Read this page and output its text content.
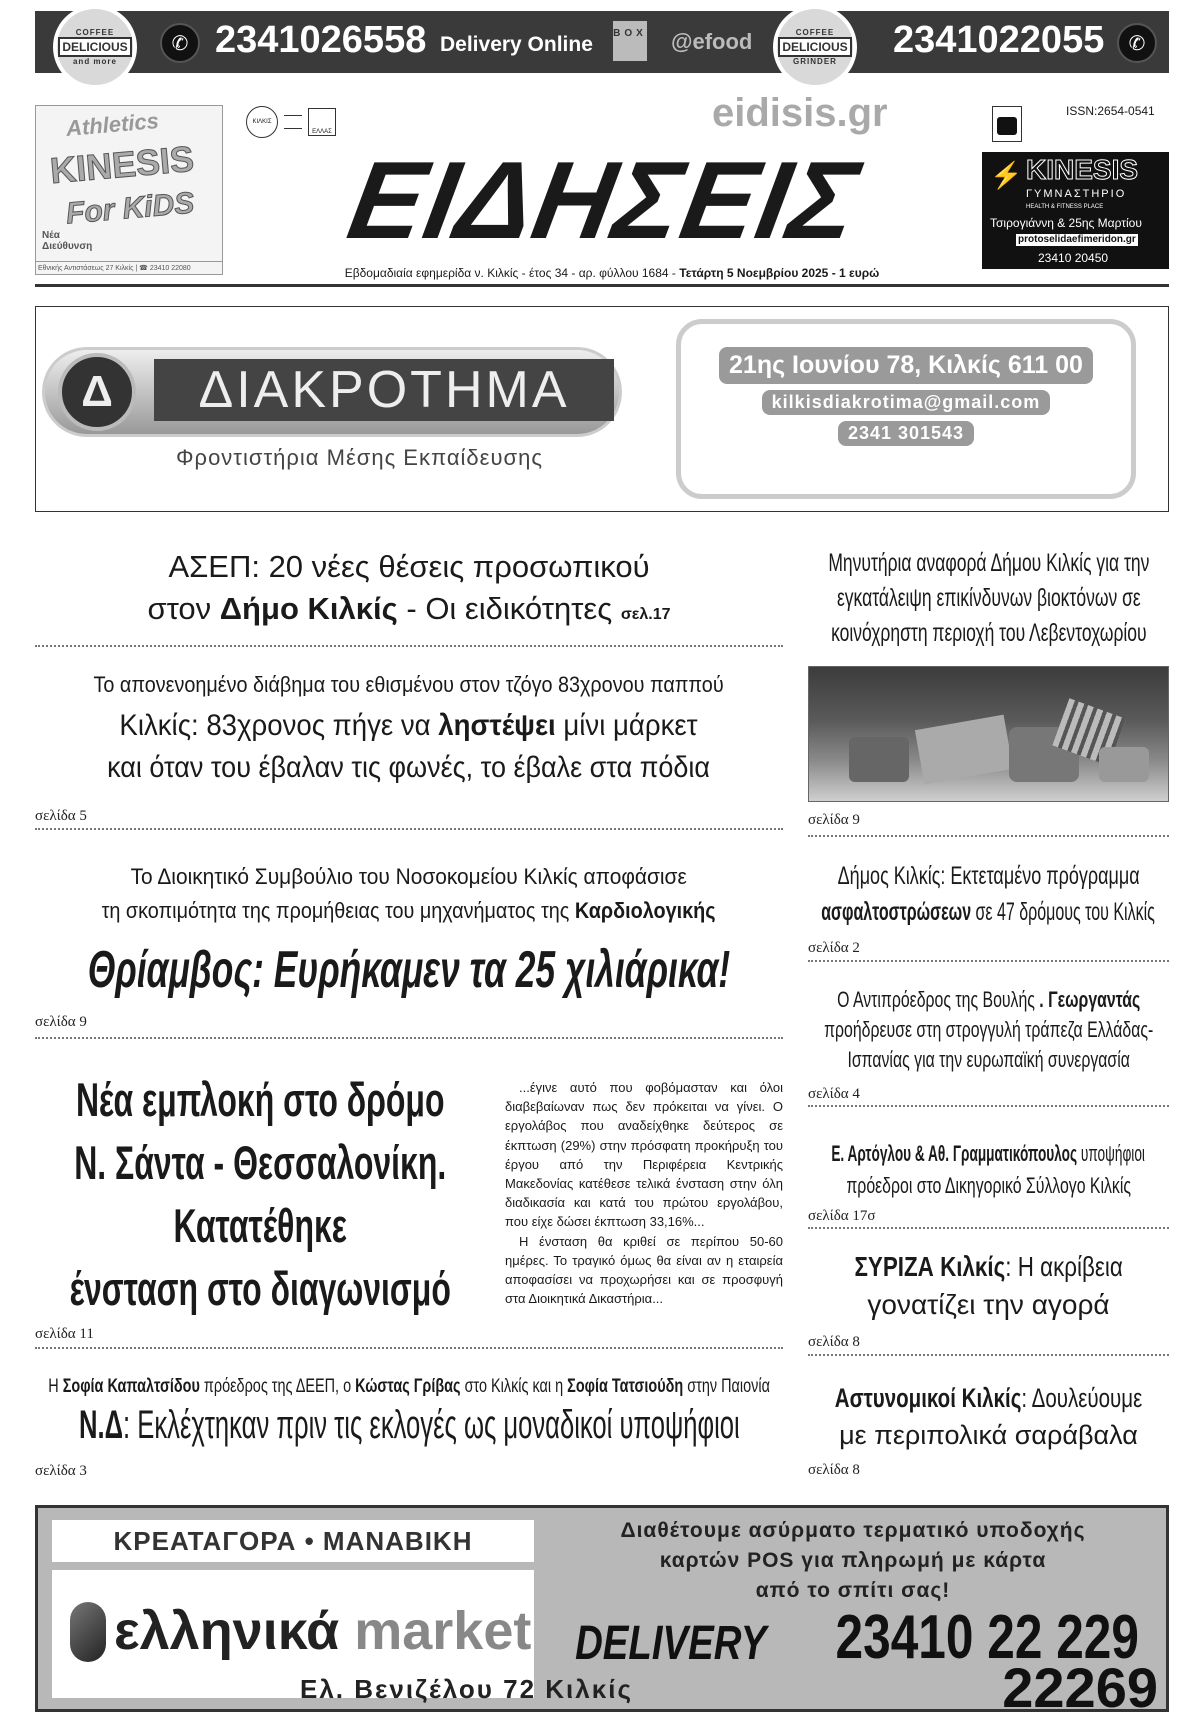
COFFEE
DELICIOUS
and more
✆ 2341026558 Delivery Online BOX @efood	COFFEE
DELICIOUS
GRINDER
2341022055	✆
Athletics
KINESIS
For KiDS
Νέα Διεύθυνση
Εθνικής Αντιστάσεως 27 Κιλκίς | ☎ 23410 22080
ΚΙΛΚΙΣ
ΕΛΛΑΣ	eidisis.gr
ΕΙΔΗΣΕΙΣ
Εβδομαδιαία εφημερίδα ν. Κιλκίς - έτος 34 - αρ. φύλλου 1684 - Τετάρτη 5 Νοεμβρίου 2025 - 1 ευρώ
ISSN:2654-0541
⚡ KINESIS
ΓΥΜΝΑΣΤΗΡΙΟ
HEALTH & FITNESS PLACE
Τσιρογιάννη & 25ης Μαρτίου
protoselidaefimeridon.gr
23410 20450
Δ	ΔΙΑΚΡΟΤΗΜΑ
Φροντιστήρια Μέσης Εκπαίδευσης
21ης Ιουνίου 78, Κιλκίς 611 00
kilkisdiakrotima@gmail.com
2341 301543
ΑΣΕΠ: 20 νέες θέσεις προσωπικού
στον Δήμο Κιλκίς - Οι ειδικότητες σελ.17
Το απονενοημένο διάβημα του εθισμένου στον τζόγο 83χρονου παππού
Κιλκίς: 83χρονος πήγε να ληστέψει μίνι μάρκετ
και όταν του έβαλαν τις φωνές, το έβαλε στα πόδια
σελίδα 5
Το Διοικητικό Συμβούλιο του Νοσοκομείου Κιλκίς αποφάσισε
τη σκοπιμότητα της προμήθειας του μηχανήματος της Καρδιολογικής
Θρίαμβος: Ευρήκαμεν τα 25 χιλιάρικα!
σελίδα 9
Νέα εμπλοκή στο δρόμο
Ν. Σάντα - Θεσσαλονίκη.
Κατατέθηκε
ένσταση στο διαγωνισμό

...έγινε αυτό που φοβόμασταν και όλοι διαβεβαίωναν πως δεν πρόκειται να γίνει. Ο εργολάβος που αναδείχθηκε δεύτερος σε έκπτωση (29%) στην πρόσφατη προκήρυξη του έργου από την Περιφέρεια Κεντρικής Μακεδονίας κατέθεσε τελικά ένσταση στην όλη διαδικασία και κατά του πρώτου εργολάβου, που είχε δώσει έκπτωση 33,16%...

Η ένσταση θα κριθεί σε περίπου 50-60 ημέρες. Το τραγικό όμως θα είναι αν η εταιρεία αποφασίσει να προχωρήσει και σε προσφυγή στα Διοικητικά Δικαστήρια...

σελίδα 11
Η Σοφία Καπαλτσίδου πρόεδρος της ΔΕΕΠ, ο Κώστας Γρίβας στο Κιλκίς και η Σοφία Τατσιούδη στην Παιονία
Ν.Δ: Εκλέχτηκαν πριν τις εκλογές ως μοναδικοί υποψήφιοι
σελίδα 3
Μηνυτήρια αναφορά Δήμου Κιλκίς για την
εγκατάλειψη επικίνδυνων βιοκτόνων σε
κοινόχρηστη περιοχή του Λεβεντοχωρίου
σελίδα 9
Δήμος Κιλκίς: Εκτεταμένο πρόγραμμα
ασφαλτοστρώσεων σε 47 δρόμους του Κιλκίς
σελίδα 2
Ο Αντιπρόεδρος της Βουλής . Γεωργαντάς
προήδρευσε στη στρογγυλή τράπεζα Ελλάδας-
Ισπανίας για την ευρωπαϊκή συνεργασία
σελίδα 4
Ε. Αρτόγλου & Αθ. Γραμματικόπουλος υποψήφιοι
πρόεδροι στο Δικηγορικό Σύλλογο Κιλκίς
σελίδα 17σ
ΣΥΡΙΖΑ Κιλκίς: Η ακρίβεια
γονατίζει την αγορά
σελίδα 8
Αστυνομικοί Κιλκίς: Δουλεύουμε
με περιπολικά σαράβαλα
σελίδα 8
ΚΡΕΑΤΑΓΟΡΑ • ΜΑΝΑΒΙΚΗ
ελληνικά market
Διαθέτουμε ασύρματο τερματικό υποδοχής
καρτών POS για πληρωμή με κάρτα
από το σπίτι σας!
DELIVERY	23410 22 229
22269
Ελ. Βενιζέλου 72 Κιλκίς
